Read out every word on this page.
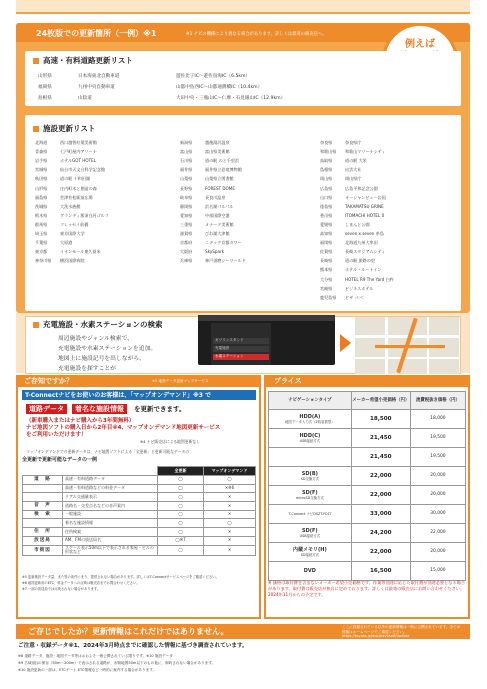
24枚版での更新箇所（一例）※1	※1 ナビの機種により異なる場合があります。詳しくは最寄の販売店へ。
例えば
高速・有料道路更新リスト
山形県	日本海東北自動車道	遊佐比子IC～遊佐鳥海IC（6.5km）
福岡県	九州中央自動車道	山都中島西IC～山都通潤橋IC（10.4km）
島根県	山陰道	大田中央・三瓶山IC～仁摩・石見銀山IC（12.9km）
施設更新リスト
北海道	西口越智紅葉美術館
青森県	七戸町屋内アリーナ
岩手県	ホテルGOT HOTEL
宮城県	仙台市天文台科学記念館
秋田県	道の駅 十和田湖
山形県	庄内町木と創造の森
福島県	会津若松駅前広場
茨城県	大洗水族館
栃木県	グランディ那須白河ゴルフ
群馬県	フレッセイ前橋
埼玉県	東京国際大学
千葉県	大原港
東京都	イオンモール東久留米
神奈川県 横浜国際病院
新潟県	越後湯沢温泉
富山県	富山県美術館
石川県	道の駅 のと千里浜
福井県	福井県立恐竜博物館
山梨県	山梨県立図書館
長野県	FOREST DOME
岐阜県	長良川温泉
静岡県	浜名湖パルパル
愛知県	中部国際空港
三重県	メナード美術館
滋賀県	びわ湖大津館
京都府	ニデック京都タワー
大阪府	SkySpark
兵庫県	神戸須磨シーワールド
奈良県	奈良県庁
和歌山県 和歌山マリーナシティ
鳥取県	道の駅 大栄
島根県	出雲大社
岡山県	岡山県庁
広島県	広島平和記念公園
山口県	オーシャンビュー岩国
徳島県	TAKAMATSU GRINE
香川県	ITOMACHI HOTEL 0
愛媛県	しまんと公園
高知県	seven x seven 糸島
福岡県	北海道九州大牟田
佐賀県	長崎スタジアムシティ
長崎県	道の駅 旅路の里
熊本県	ホテル・ルートイン
大分県	HOTEL R9 The Yard 臼杵
宮崎県	ビジネスホテル
鹿児島県 ピザ パパ
充電施設・水素ステーションの検索
周辺施設やジャンル検索で、
充電施設や水素ステーションを追加。
地図上に施設記号を出しながら、
充電施設を探すことが
ガソリンスタンド
充電施設
水素ステーション
ご存知ですか？	※3 地図データ更新マップサービス
T-Connectナビをお使いのお客様は、「マップオンデマンド」※3 で
道路データ	着名な施設情報	を更新できます。
（新車購入またはナビ購入から3年間無料）
ナビ地図ソフトの購入日から2年目※4、マップオンデマンド地図更新サービス
をご利用いただけます！
※4 ナビ販売店による地図更新なし
マップオンデマンドでの更新データは、ナビ地図ソフトによる「全更新」と更新可能なデータの
全更新で更新可能なデータの一例
		全更新	マップオンデマンド
道　路	高速・有料道路データ	◯	◯
	高速・有料道路などの料金データ	◯	✕※6
	リアル交通量表示	◯	✕
音　声	道路名・交差点名などの音声案内	◯	✕
検　索	一般施設	◯	✕
	着名な施設情報	◯	◯
住　所	住所検索	◯	✕
放送局	AM、FMの放送局名	◯※7	✕
市街図	スケール表示50m以下で表示される家屋・ビルの形状など	◯	✕
※5 更新施設データ量、また等の条件にまり、提供されない場合があります。詳しくはT-Connectサービスページをご確認ください。
※6 地図更新用のETC、料金データへの反映は販売店までお問合わせください。
※7 一部の放送局では反映されない場合があります。
プライス
ナビゲーションタイプ	メーカー希望小売価格（円）	流費税抜き価格（円）

HDD(A)
地図データ入力式（2枚装着型）	18,500	18,000

HDD(C)
USB接続方式	21,450	19,500

	21,450	19,500

SD(B)
SD交換方式	22,000	20,000

SD(F)
microSD交換方式	22,000	20,000

T-Connect ナビDSZT-YC4T	33,000	30,000

SD(F)
USB接続方式	24,200	22,000

内蔵メモリ(H)
SD接続方式	22,000	20,000

DVD	16,500	15,000
※ 価格は取付費を含まないメーカー希望小売価格です。作業等別途に応じた取付費が別途必要となる場合があります。取付費は販売店が独自に定めております。詳しくは最寄の販売店にお問い合わせください。2024年11月からの予定です。
ご存じでしたか？更新情報はこれだけではありません。	ここに収録されている以外の更新情報は一般に公開されています。全ての情報はホームページでご確認ください。https://toyota.jp/dop/navi/soft/update
ご注意・収録データ※1、2024年3月時点までに確認した情報に基づき調査されています。
※8 道路データ、施設・地図データ等はおおよそ一般公開されている限りです。※10 施設データ
※9 広域(総)の保存（50m～200m）で表示される道路が、市販地図50m以下のもの他に、制約されない場合があります。
※10 施設更新の一部は、ETCゲート ETC情報など一時的に案内する場合があります。
